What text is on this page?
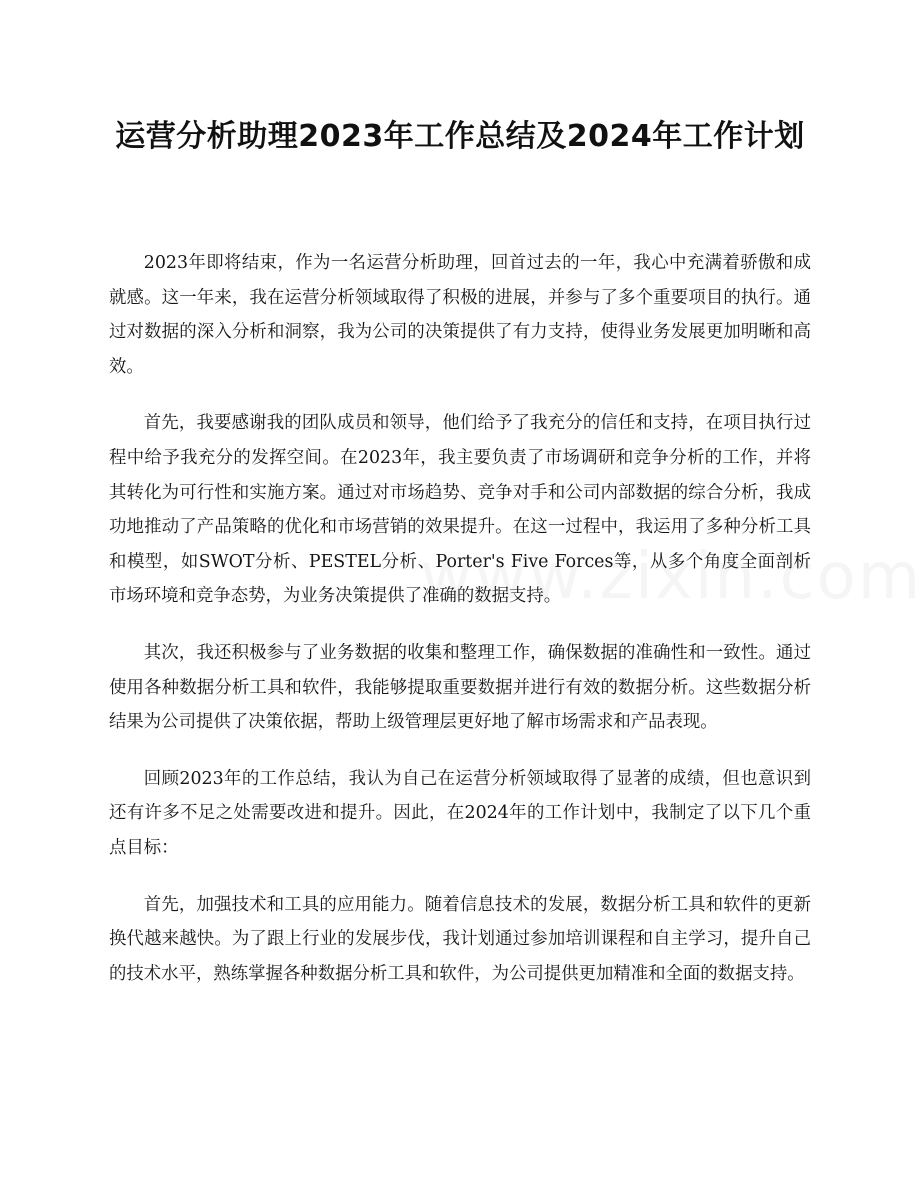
运营分析助理2023年工作总结及2024年工作计划

2023年即将结束，作为一名运营分析助理，回首过去的一年，我心中充满着骄傲和成就感。这一年来，我在运营分析领域取得了积极的进展，并参与了多个重要项目的执行。通过对数据的深入分析和洞察，我为公司的决策提供了有力支持，使得业务发展更加明晰和高效。

首先，我要感谢我的团队成员和领导，他们给予了我充分的信任和支持，在项目执行过程中给予我充分的发挥空间。在2023年，我主要负责了市场调研和竞争分析的工作，并将其转化为可行性和实施方案。通过对市场趋势、竞争对手和公司内部数据的综合分析，我成功地推动了产品策略的优化和市场营销的效果提升。在这一过程中，我运用了多种分析工具和模型，如SWOT分析、PESTEL分析、Porter's Five Forces等，从多个角度全面剖析市场环境和竞争态势，为业务决策提供了准确的数据支持。

其次，我还积极参与了业务数据的收集和整理工作，确保数据的准确性和一致性。通过使用各种数据分析工具和软件，我能够提取重要数据并进行有效的数据分析。这些数据分析结果为公司提供了决策依据，帮助上级管理层更好地了解市场需求和产品表现。

回顾2023年的工作总结，我认为自己在运营分析领域取得了显著的成绩，但也意识到还有许多不足之处需要改进和提升。因此，在2024年的工作计划中，我制定了以下几个重点目标：

首先，加强技术和工具的应用能力。随着信息技术的发展，数据分析工具和软件的更新换代越来越快。为了跟上行业的发展步伐，我计划通过参加培训课程和自主学习，提升自己的技术水平，熟练掌握各种数据分析工具和软件，为公司提供更加精准和全面的数据支持。
